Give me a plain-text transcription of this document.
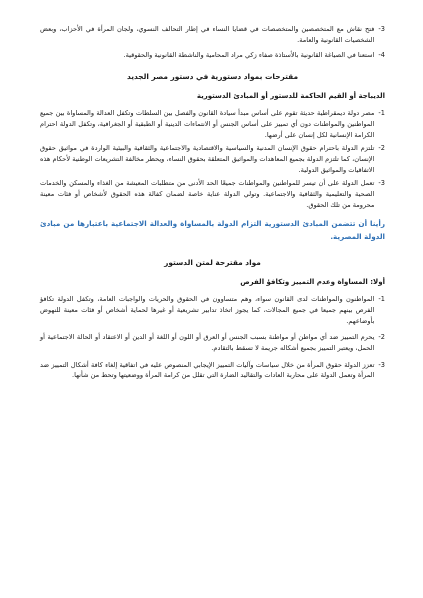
3-
فتح نقاش مع المتخصصين والمتخصصات في قضايا النساء في إطار التحالف النسوي، ولجان المرأة في الأحزاب، وبعض الشخصيات القانونية والعامة.
4-
استعنا في الصياغة القانونية بالأستاذة صفاء زكي مراد المحامية والناشطة القانونية والحقوقية.
مقترحات بمواد دستورية في دستور مصر الجديد
الديباجة أو القيم الحاكمة للدستور أو المبادئ الدستورية
1-
مصر دولة ديمقراطية حديثة تقوم على أساس مبدأ سيادة القانون والفصل بين السلطات وتكفل العدالة والمساواة بين جميع المواطنين والمواطنات دون أي تمييز على أساس الجنس أو الانتماءات الدينية أو الطبقية أو الجغرافية، وتكفل الدولة احترام الكرامة الإنسانية لكل إنسان على أرضها.
2-
تلتزم الدولة باحترام حقوق الإنسان المدنية والسياسية والاقتصادية والاجتماعية والثقافية والبيئية الواردة في مواثيق حقوق الإنسان، كما تلتزم الدولة بجميع المعاهدات والمواثيق المتعلقة بحقوق النساء، ويحظر مخالفة التشريعات الوطنية لأحكام هذه الاتفاقيات والمواثيق الدولية.
3-
تعمل الدولة على أن تيسر للمواطنين والمواطنات جميعًا الحد الأدنى من متطلبات المعيشة من الغذاء والمسكن والخدمات الصحية والتعليمية والثقافية والاجتماعية. وتولي الدولة عناية خاصة لضمان كفالة هذه الحقوق لأشخاص أو فئات معينة محرومة من تلك الحقوق.
رأينا أن تتضمن المبادئ الدستورية التزام الدولة بالمساواة والعدالة الاجتماعية باعتبارها من مبادئ الدولة المصرية.
مواد مقترحة لمتن الدستور
أولا: المساواة وعدم التمييز وتكافؤ الفرص
1-
المواطنون والمواطنات لدى القانون سواء، وهم متساوون في الحقوق والحريات والواجبات العامة، وتكفل الدولة تكافؤ الفرص بينهم جميعا في جميع المجالات، كما يجوز اتخاذ تدابير تشريعية أو غيرها لحماية أشخاص أو فئات معينة للنهوض بأوضاعهم.
2-
يحرم التمييز ضد أي مواطن أو مواطنة بسبب الجنس أو العرق أو اللون أو اللغة أو الدين أو الاعتقاد أو الحالة الاجتماعية أو الحمل، ويعتبر التمييز بجميع أشكاله جريمة لا تسقط بالتقادم.
3-
تعزز الدولة حقوق المرأة من خلال سياسات وآليات التمييز الإيجابي المنصوص عليه في اتفاقية إلغاء كافة أشكال التمييز ضد المرأة وتعمل الدولة على محاربة العادات والتقاليد الضارة التي تقلل من كرامة المرأة ووضعيتها وتحط من شأنها.
